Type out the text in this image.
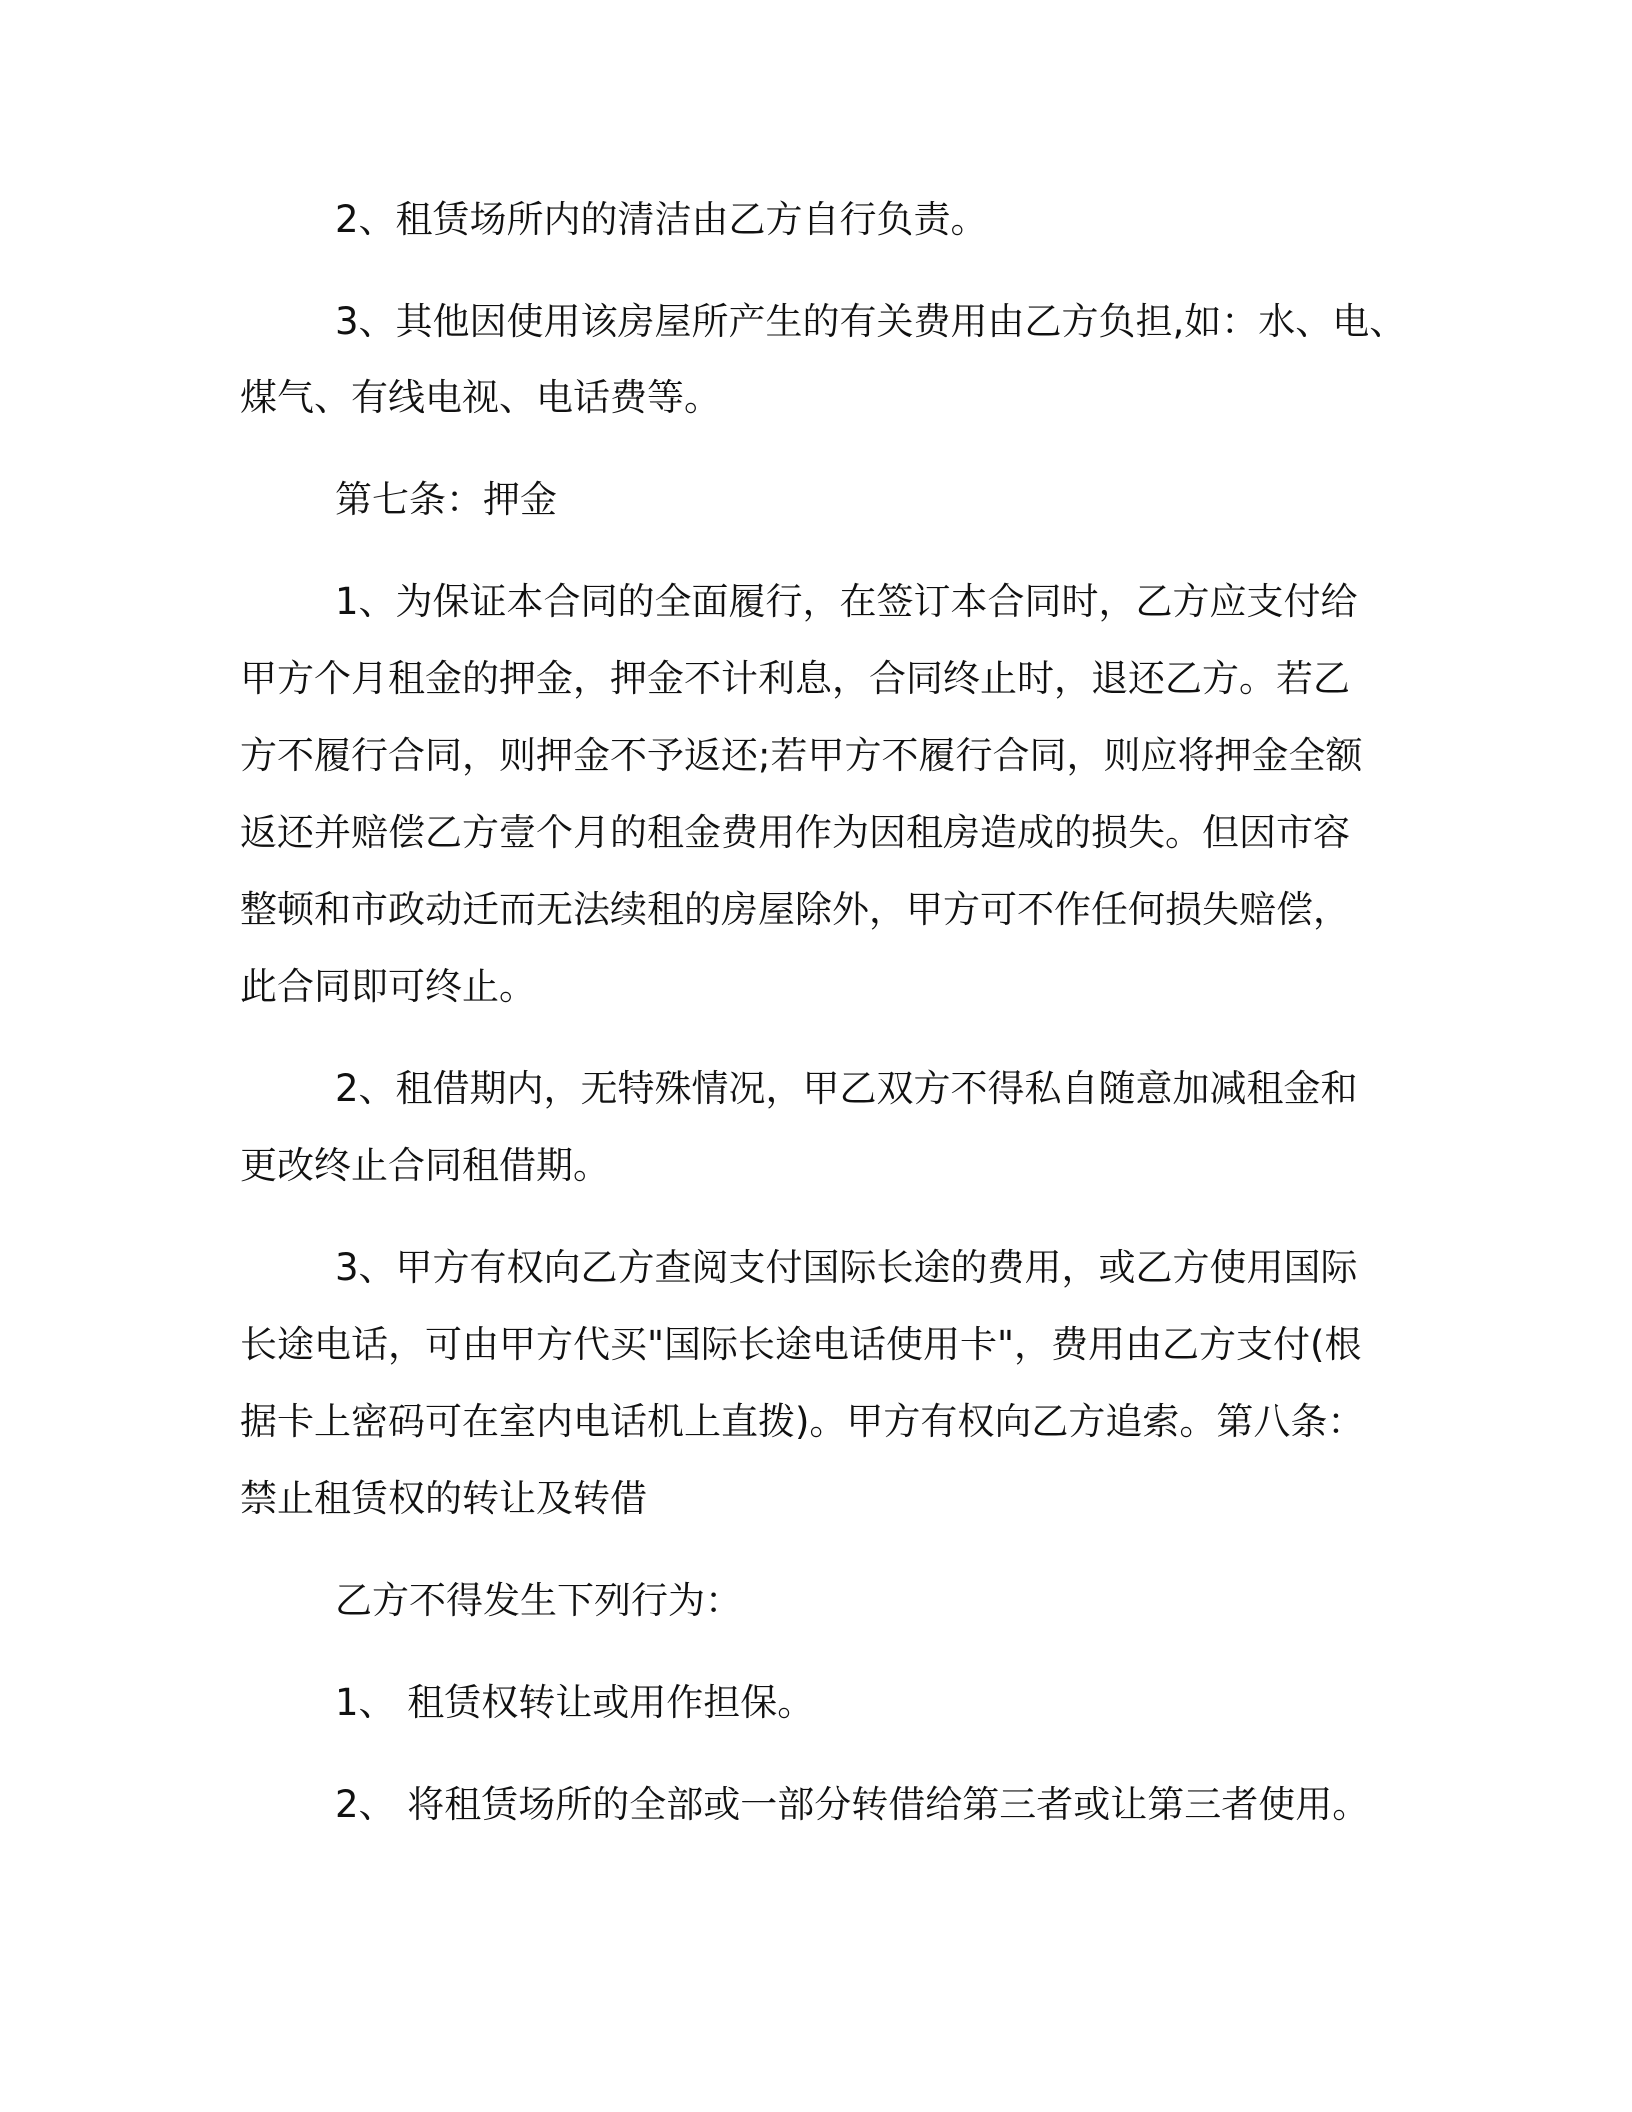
2、租赁场所内的清洁由乙方自行负责。

3、其他因使用该房屋所产生的有关费用由乙方负担,如：水、电、

煤气、有线电视、电话费等。

第七条：押金

1、为保证本合同的全面履行，在签订本合同时，乙方应支付给

甲方个月租金的押金，押金不计利息，合同终止时，退还乙方。若乙

方不履行合同，则押金不予返还;若甲方不履行合同，则应将押金全额

返还并赔偿乙方壹个月的租金费用作为因租房造成的损失。但因市容

整顿和市政动迁而无法续租的房屋除外，甲方可不作任何损失赔偿，

此合同即可终止。

2、租借期内，无特殊情况，甲乙双方不得私自随意加减租金和

更改终止合同租借期。

3、甲方有权向乙方查阅支付国际长途的费用，或乙方使用国际

长途电话，可由甲方代买"国际长途电话使用卡"，费用由乙方支付(根

据卡上密码可在室内电话机上直拨)。甲方有权向乙方追索。第八条：

禁止租赁权的转让及转借

乙方不得发生下列行为：

1、 租赁权转让或用作担保。

2、 将租赁场所的全部或一部分转借给第三者或让第三者使用。
